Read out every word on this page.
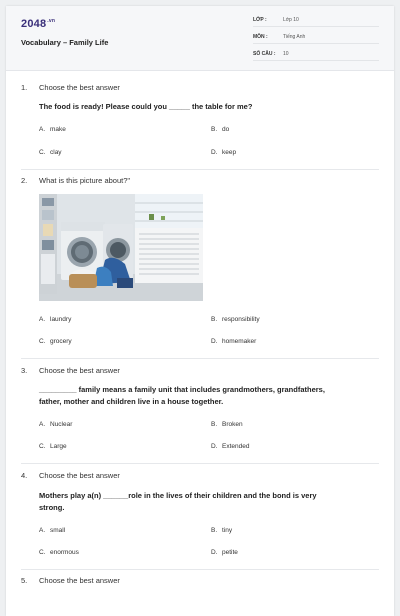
$2048^{.vn}$
Vocabulary – Family Life
LỚP :	Lớp 10
MÔN :	Tiếng Anh
SỐ CÂU : 10
1. Choose the best answer
The food is ready! Please could you _____ the table for me?
A. make	B. do
C. clay	D. keep
2. What is this picture about?"
A. laundry	B. responsibility
C. grocery	D. homemaker
3. Choose the best answer
_________ family means a family unit that includes grandmothers, grandfathers,
father, mother and children live in a house together.
A. Nuclear	B. Broken
C. Large	D. Extended
4. Choose the best answer
Mothers play a(n) ______role in the lives of their children and the bond is very
strong.
A. small	B. tiny
C. enormous	D. petite
5. Choose the best answer
